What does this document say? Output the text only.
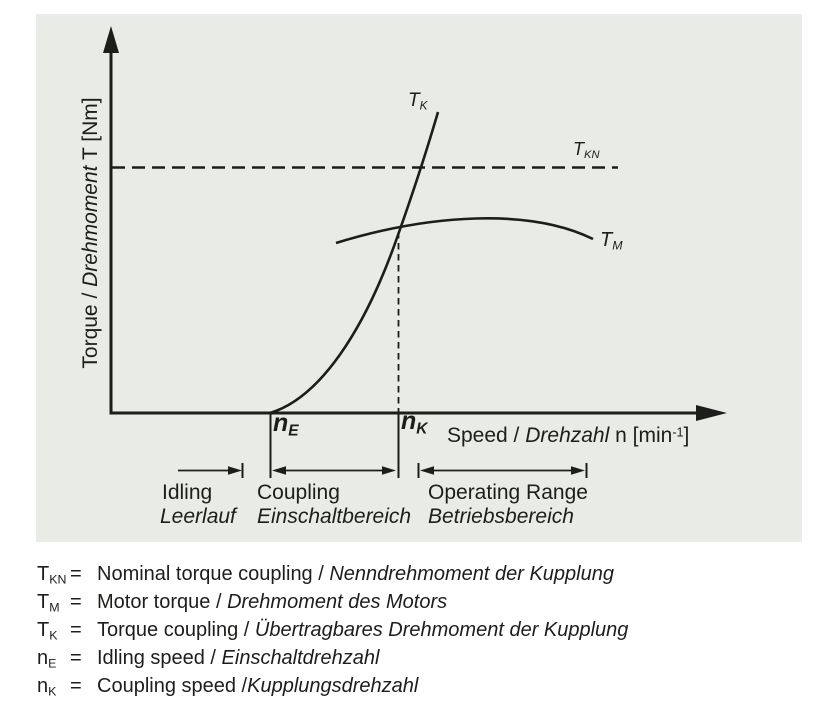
Torque / Drehmoment T [Nm]
Speed / Drehzahl n $[\min^{-1}]$
$T_K$
$T_{KN}$
$T_M$
$n_E$	$n_K$
Idling
Leerlauf
Coupling
Einschaltbereich
Operating Range
Betriebsbereich
$T_{KN}$ = Nominal torque coupling / Nenndrehmoment der Kupplung
$T_M$ = Motor torque / Drehmoment des Motors
$T_K$ = Torque coupling / Übertragbares Drehmoment der Kupplung
$n_E$ = Idling speed / Einschaltdrehzahl
$n_K$ = Coupling speed /Kupplungsdrehzahl
